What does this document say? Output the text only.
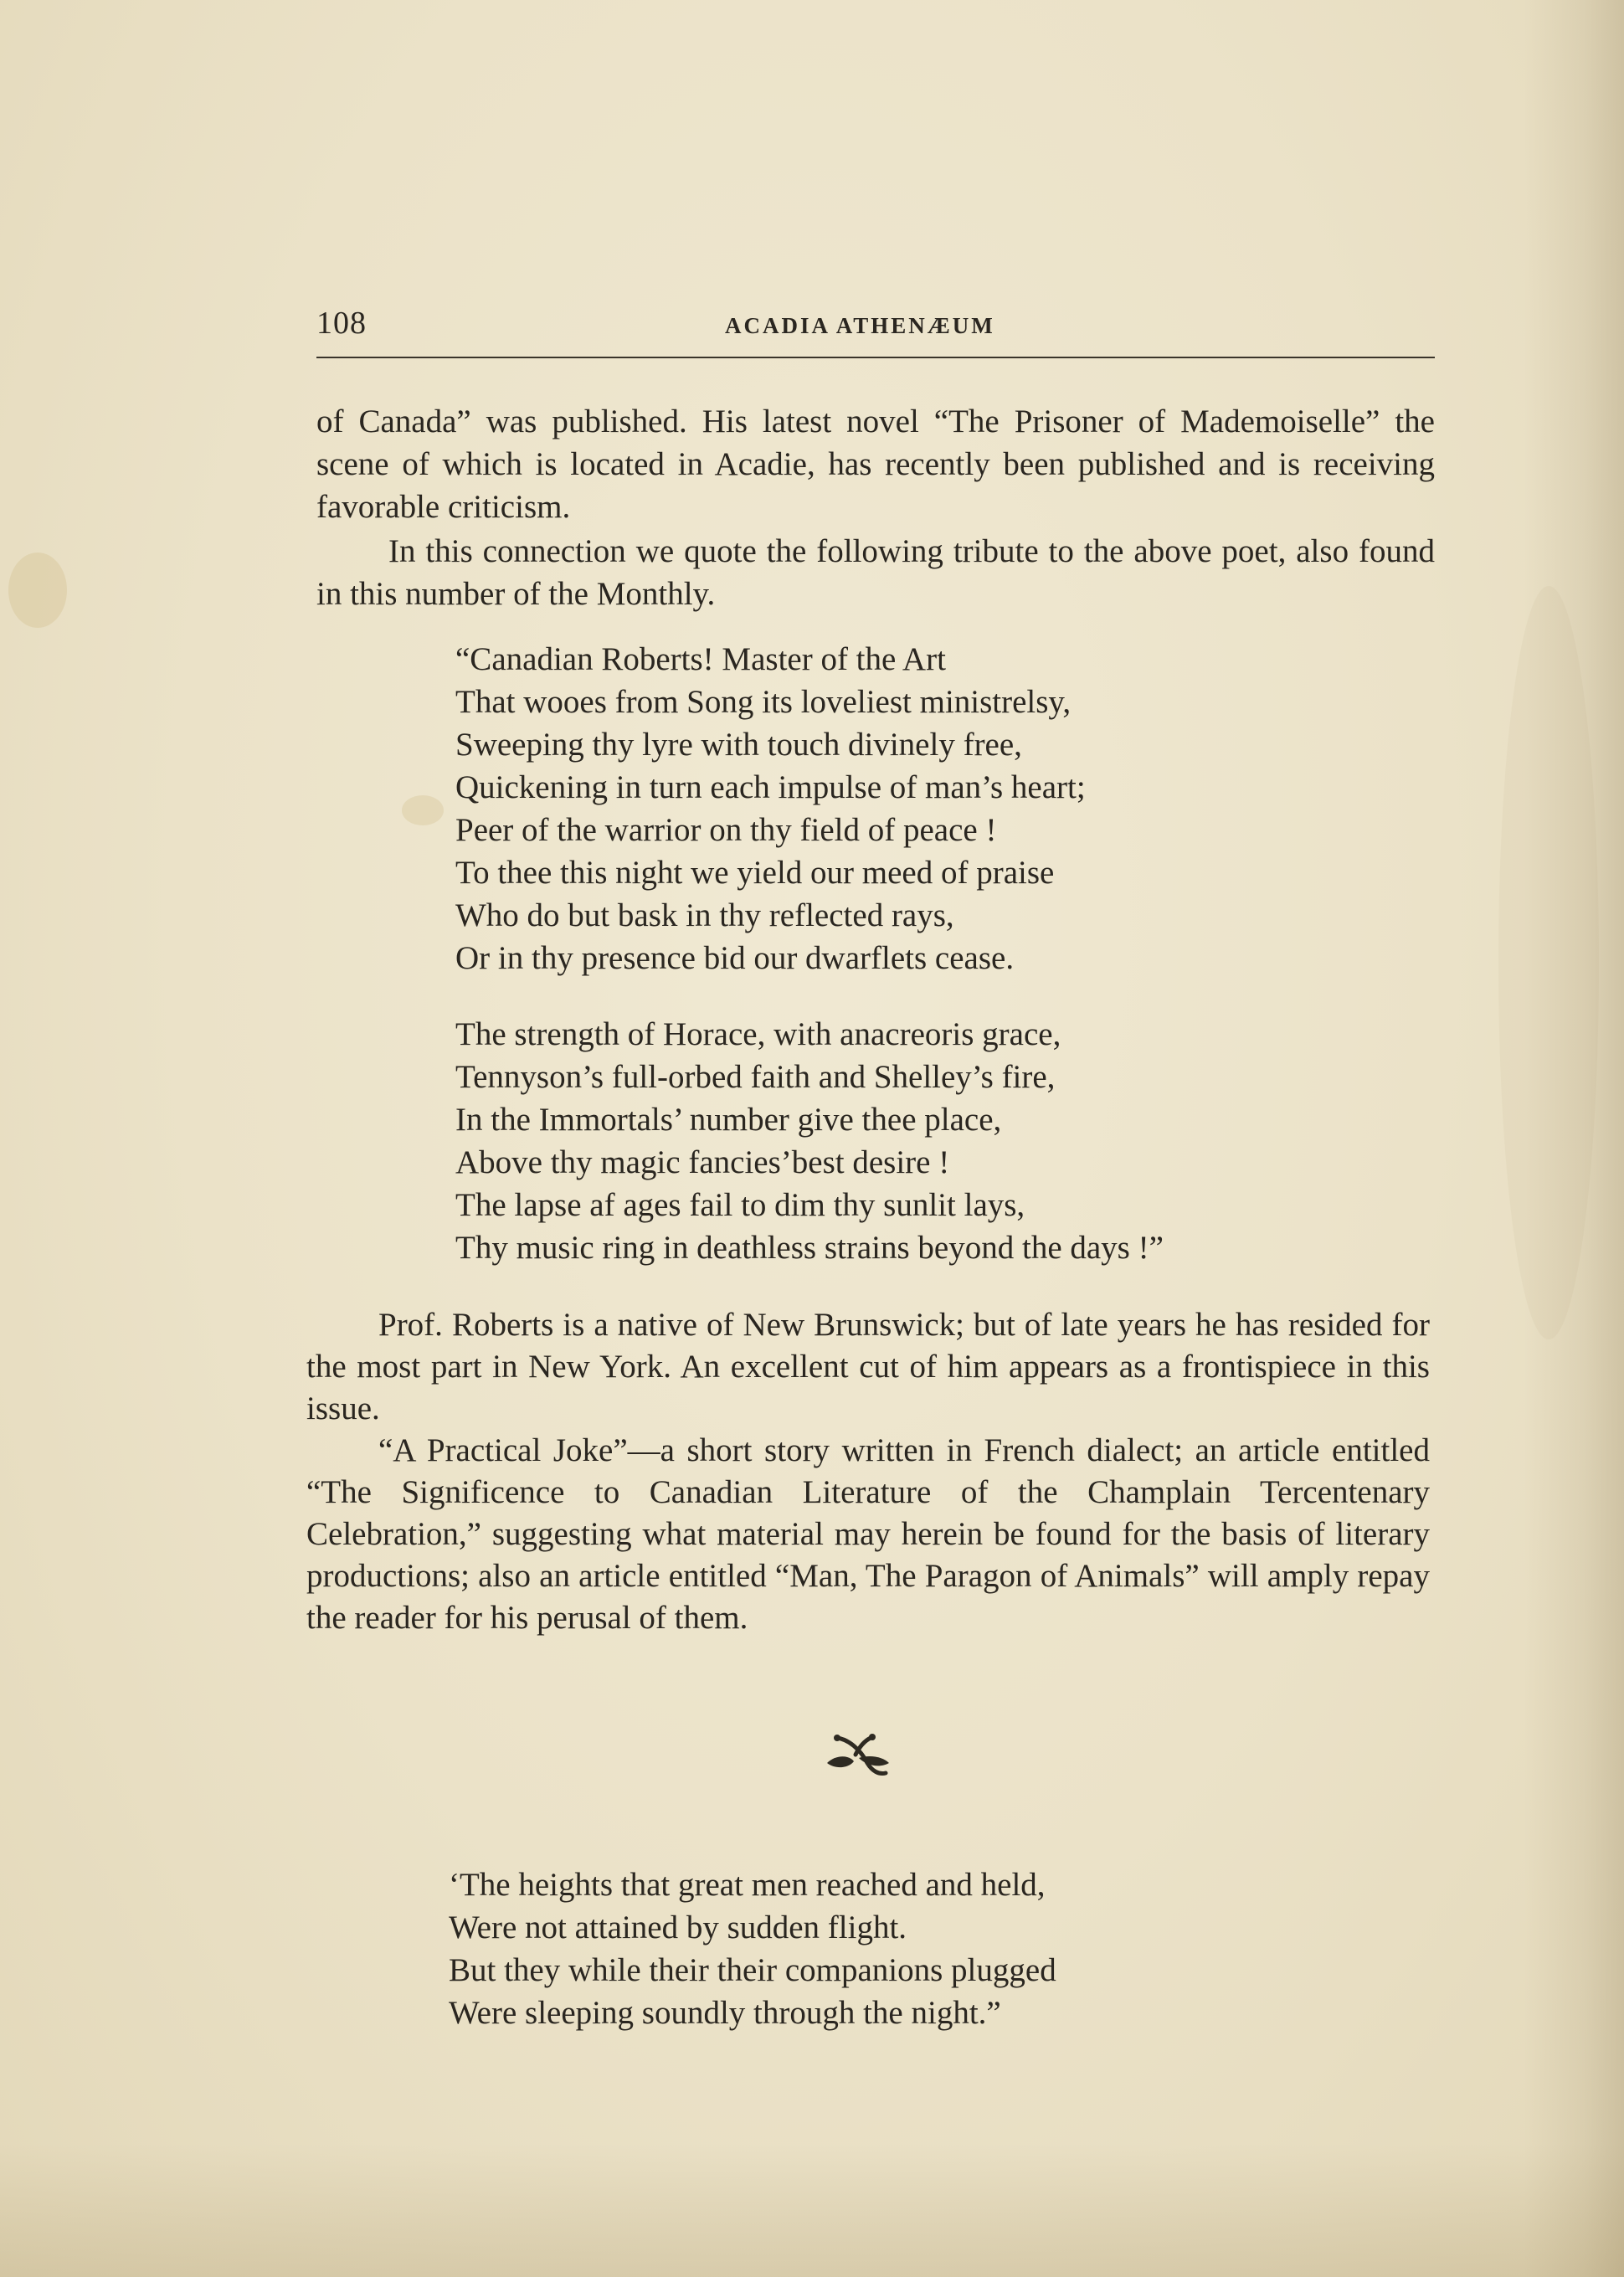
108	ACADIA ATHENÆUM

of Canada” was published. His latest novel “The Prisoner of Mademoiselle” the scene of which is located in Acadie, has recently been published and is receiving favorable criticism.

In this connection we quote the following tribute to the above poet, also found in this number of the Monthly.

“Canadian Roberts! Master of the Art
That wooes from Song its loveliest ministrelsy,
Sweeping thy lyre with touch divinely free,
Quickening in turn each impulse of man’s heart;
Peer of the warrior on thy field of peace !
To thee this night we yield our meed of praise
Who do but bask in thy reflected rays,
Or in thy presence bid our dwarflets cease.
The strength of Horace, with anacreoris grace,
Tennyson’s full-orbed faith and Shelley’s fire,
In the Immortals’ number give thee place,
Above thy magic fancies’best desire !
The lapse af ages fail to dim thy sunlit lays,
Thy music ring in deathless strains beyond the days !”

Prof. Roberts is a native of New Brunswick; but of late years he has resided for the most part in New York. An excellent cut of him appears as a frontispiece in this issue.

“A Practical Joke”—a short story written in French dialect; an article entitled “The Significence to Canadian Literature of the Champlain Tercentenary Celebration,” suggesting what material may herein be found for the basis of literary productions; also an article entitled “Man, The Paragon of Animals” will amply repay the reader for his perusal of them.

‘The heights that great men reached and held,
Were not attained by sudden flight.
But they while their their companions plugged
Were sleeping soundly through the night.”
